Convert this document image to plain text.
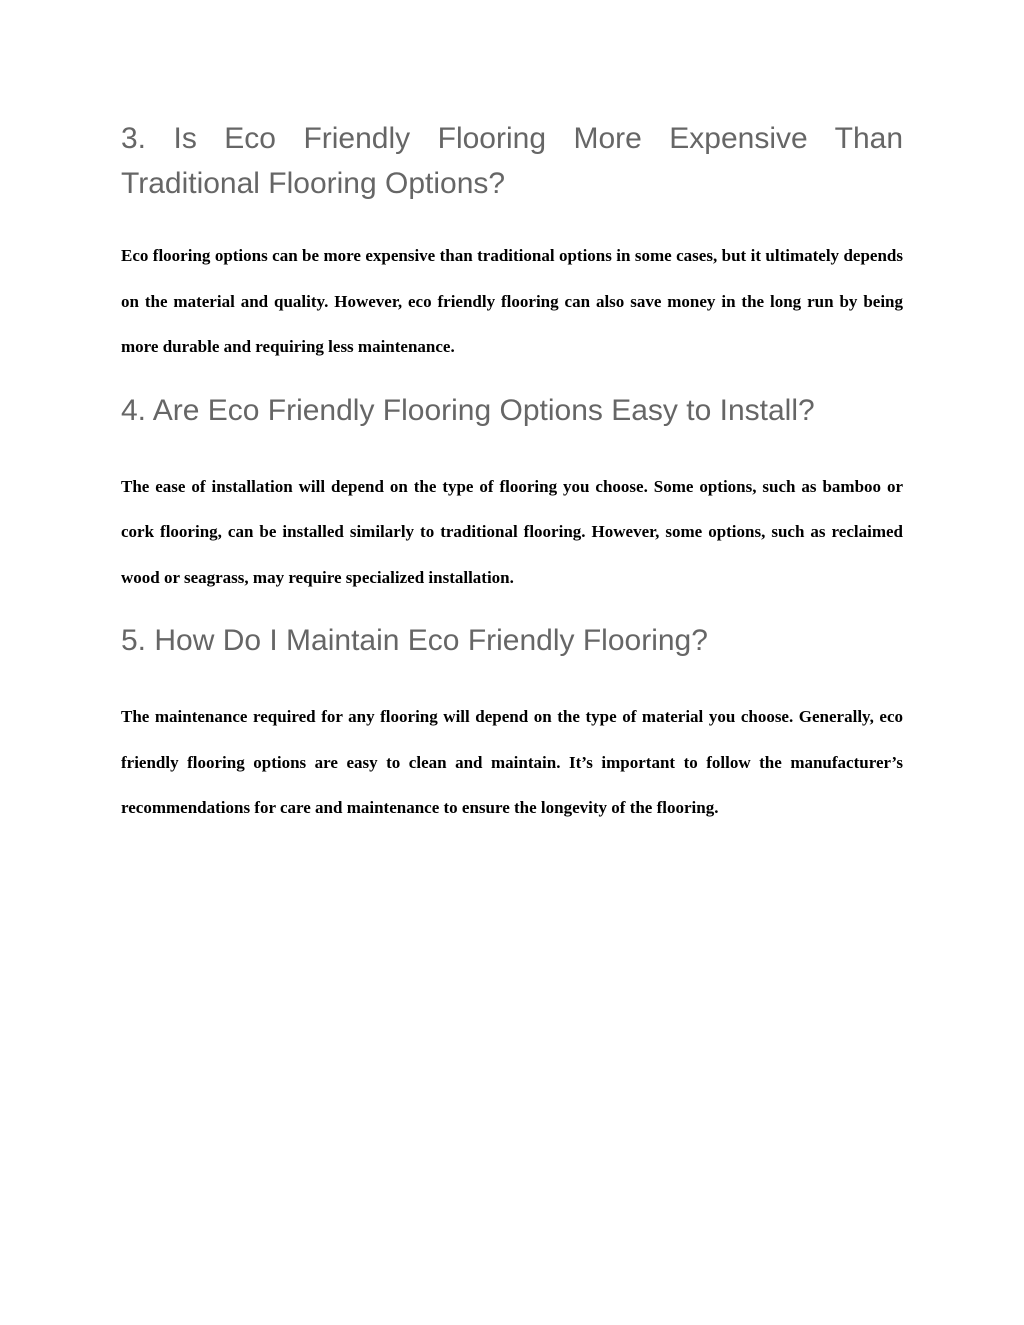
3. Is Eco Friendly Flooring More Expensive Than Traditional Flooring Options?

Eco flooring options can be more expensive than traditional options in some cases, but it ultimately depends on the material and quality. However, eco friendly flooring can also save money in the long run by being more durable and requiring less maintenance.

4. Are Eco Friendly Flooring Options Easy to Install?

The ease of installation will depend on the type of flooring you choose. Some options, such as bamboo or cork flooring, can be installed similarly to traditional flooring. However, some options, such as reclaimed wood or seagrass, may require specialized installation.

5. How Do I Maintain Eco Friendly Flooring?

The maintenance required for any flooring will depend on the type of material you choose. Generally, eco friendly flooring options are easy to clean and maintain. It’s important to follow the manufacturer’s recommendations for care and maintenance to ensure the longevity of the flooring.
